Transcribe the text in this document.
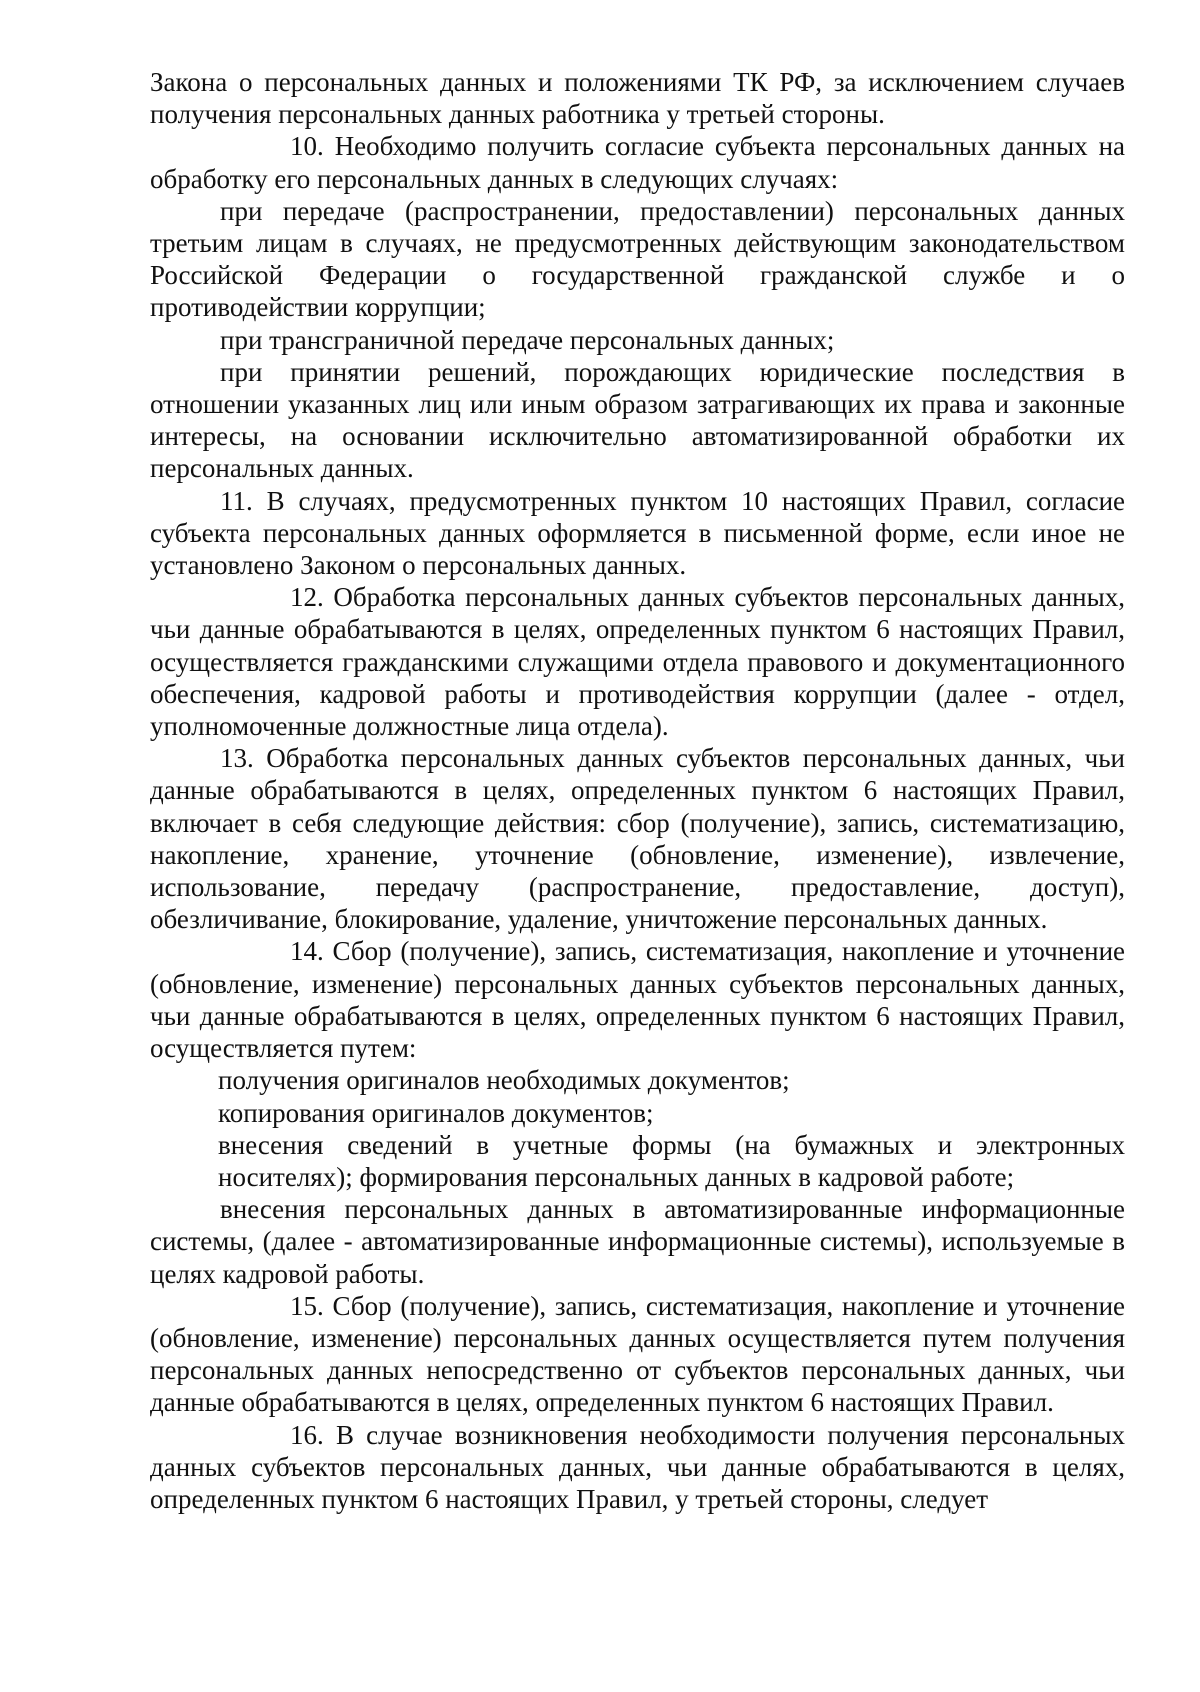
Закона о персональных данных и положениями ТК РФ, за исключением случаев получения персональных данных работника у третьей стороны.

10. Необходимо получить согласие субъекта персональных данных на обработку его персональных данных в следующих случаях:

при передаче (распространении, предоставлении) персональных данных третьим лицам в случаях, не предусмотренных действующим законодательством Российской Федерации о государственной гражданской службе и о противодействии коррупции;

при трансграничной передаче персональных данных;

при принятии решений, порождающих юридические последствия в отношении указанных лиц или иным образом затрагивающих их права и законные интересы, на основании исключительно автоматизированной обработки их персональных данных.

11. В случаях, предусмотренных пунктом 10 настоящих Правил, согласие субъекта персональных данных оформляется в письменной форме, если иное не установлено Законом о персональных данных.

12. Обработка персональных данных субъектов персональных данных, чьи данные обрабатываются в целях, определенных пунктом 6 настоящих Правил, осуществляется гражданскими служащими отдела правового и документационного обеспечения, кадровой работы и противодействия коррупции (далее - отдел, уполномоченные должностные лица отдела).

13. Обработка персональных данных субъектов персональных данных, чьи данные обрабатываются в целях, определенных пунктом 6 настоящих Правил, включает в себя следующие действия: сбор (получение), запись, систематизацию, накопление, хранение, уточнение (обновление, изменение), извлечение, использование, передачу (распространение, предоставление, доступ), обезличивание, блокирование, удаление, уничтожение персональных данных.

14. Сбор (получение), запись, систематизация, накопление и уточнение (обновление, изменение) персональных данных субъектов персональных данных, чьи данные обрабатываются в целях, определенных пунктом 6 настоящих Правил, осуществляется путем:

получения оригиналов необходимых документов;

копирования оригиналов документов;

внесения сведений в учетные формы (на бумажных и электронных носителях); формирования персональных данных в кадровой работе;

внесения персональных данных в автоматизированные информационные системы, (далее - автоматизированные информационные системы), используемые в целях кадровой работы.

15. Сбор (получение), запись, систематизация, накопление и уточнение (обновление, изменение) персональных данных осуществляется путем получения персональных данных непосредственно от субъектов персональных данных, чьи данные обрабатываются в целях, определенных пунктом 6 настоящих Правил.

16. В случае возникновения необходимости получения персональных данных субъектов персональных данных, чьи данные обрабатываются в целях, определенных пунктом 6 настоящих Правил, у третьей стороны, следует
